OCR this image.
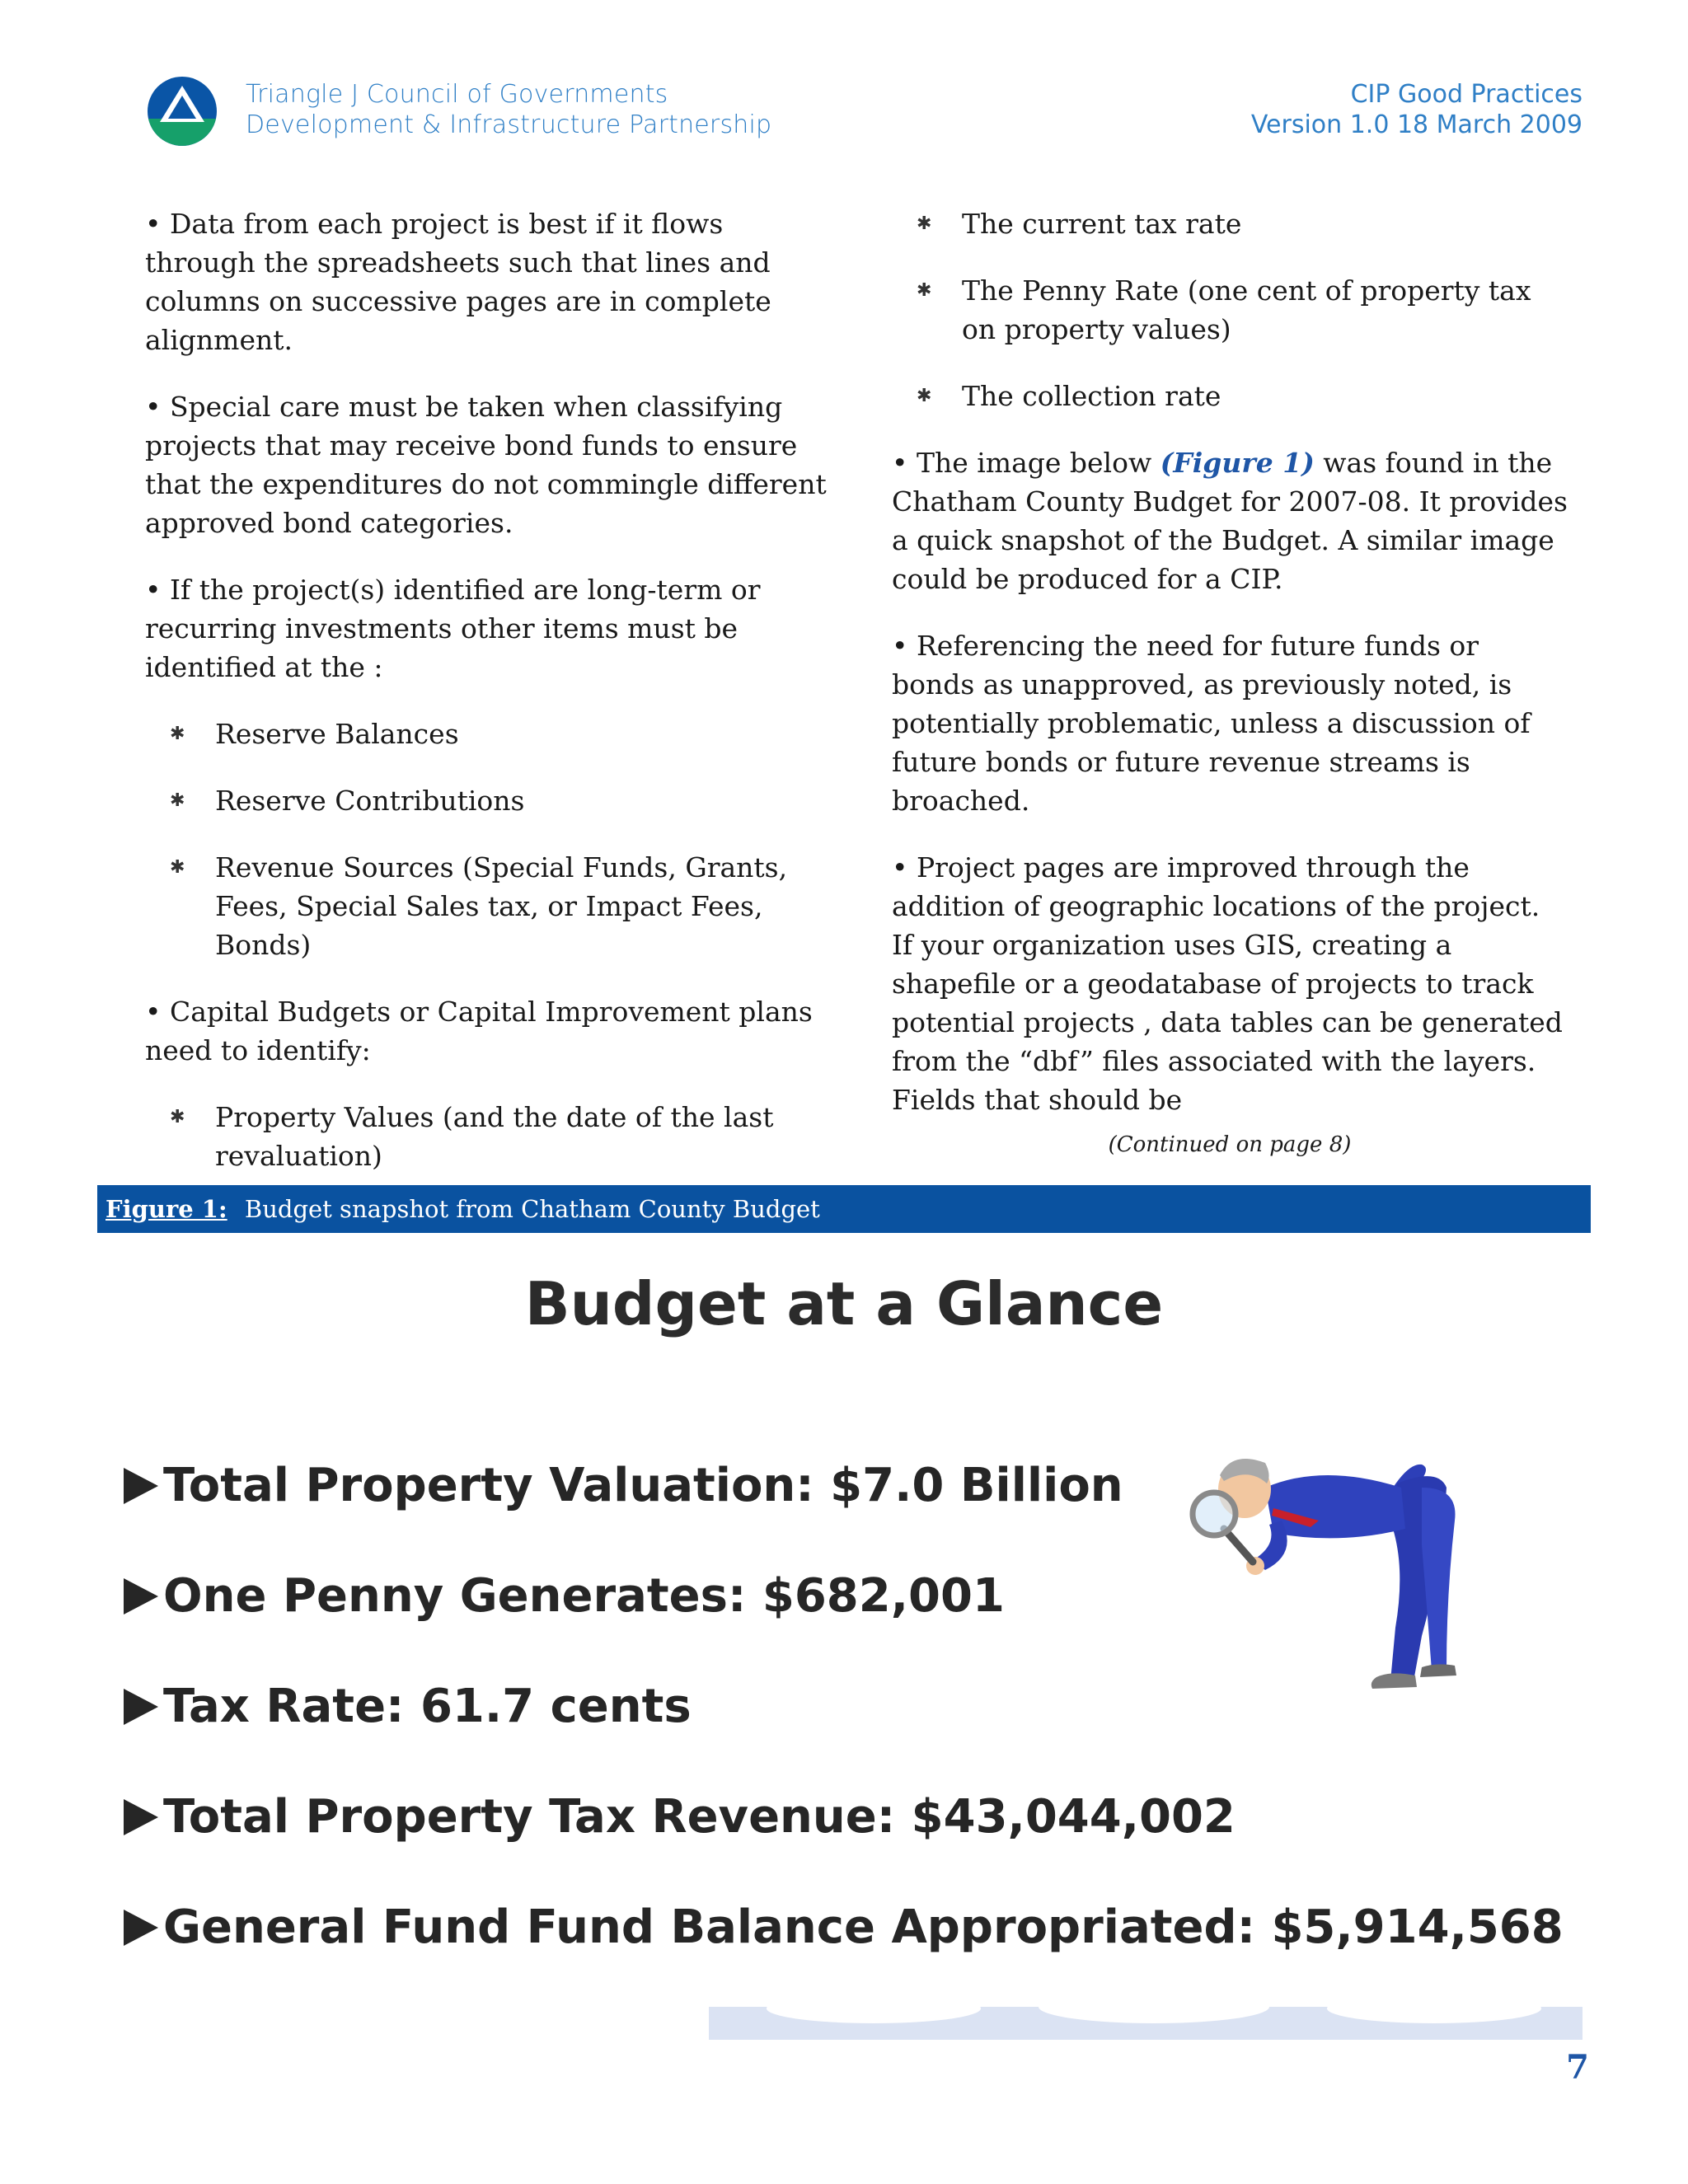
Triangle J Council of Governments
Development & Infrastructure Partnership
CIP Good Practices
Version 1.0 18 March 2009

• Data from each project is best if it flows through the spreadsheets such that lines and columns on successive pages are in complete alignment.

• Special care must be taken when classifying projects that may receive bond funds to ensure that the expenditures do not commingle different approved bond categories.

• If the project(s) identified are long-term or recurring investments other items must be identified at the :

✱ Reserve Balances
✱ Reserve Contributions
✱ Revenue Sources (Special Funds, Grants, Fees, Special Sales tax, or Impact Fees, Bonds)

• Capital Budgets or Capital Improvement plans need to identify:

✱ Property Values (and the date of the last revaluation)
✱ The current tax rate
✱ The Penny Rate (one cent of property tax on property values)
✱ The collection rate

• The image below (Figure 1) was found in the Chatham County Budget for 2007-08. It provides a quick snapshot of the Budget. A similar image could be produced for a CIP.

• Referencing the need for future funds or bonds as unapproved, as previously noted, is potentially problematic, unless a discussion of future bonds or future revenue streams is broached.

• Project pages are improved through the addition of geographic locations of the project. If your organization uses GIS, creating a shapefile or a geodatabase of projects to track potential projects , data tables can be generated from the “dbf” files associated with the layers. Fields that should be

(Continued on page 8)
Figure 1: Budget snapshot from Chatham County Budget
Budget at a Glance
Total Property Valuation: $7.0 Billion
One Penny Generates: $682,001
Tax Rate: 61.7 cents
Total Property Tax Revenue: $43,044,002
General Fund Fund Balance Appropriated: $5,914,568
7
